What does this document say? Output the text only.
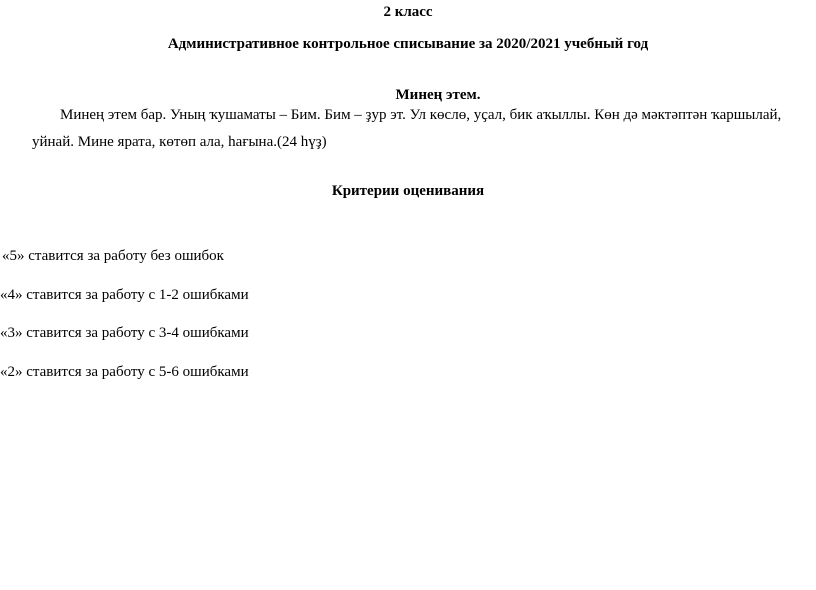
2 класс
Административное контрольное списывание за 2020/2021 учебный год
Минең этем.
Минең этем бар. Уның ҡушаматы – Бим. Бим – ҙур эт. Ул көслө, уҫал, бик аҡыллы. Көн дә мәктәптән ҡаршылай,
уйнай. Мине ярата, көтөп ала, һағына.(24 һүҙ)
Критерии оценивания
«5» ставится за работу без ошибок
«4» ставится за работу с 1-2 ошибками
«3» ставится за работу с 3-4 ошибками
«2» ставится за работу с 5-6 ошибками
